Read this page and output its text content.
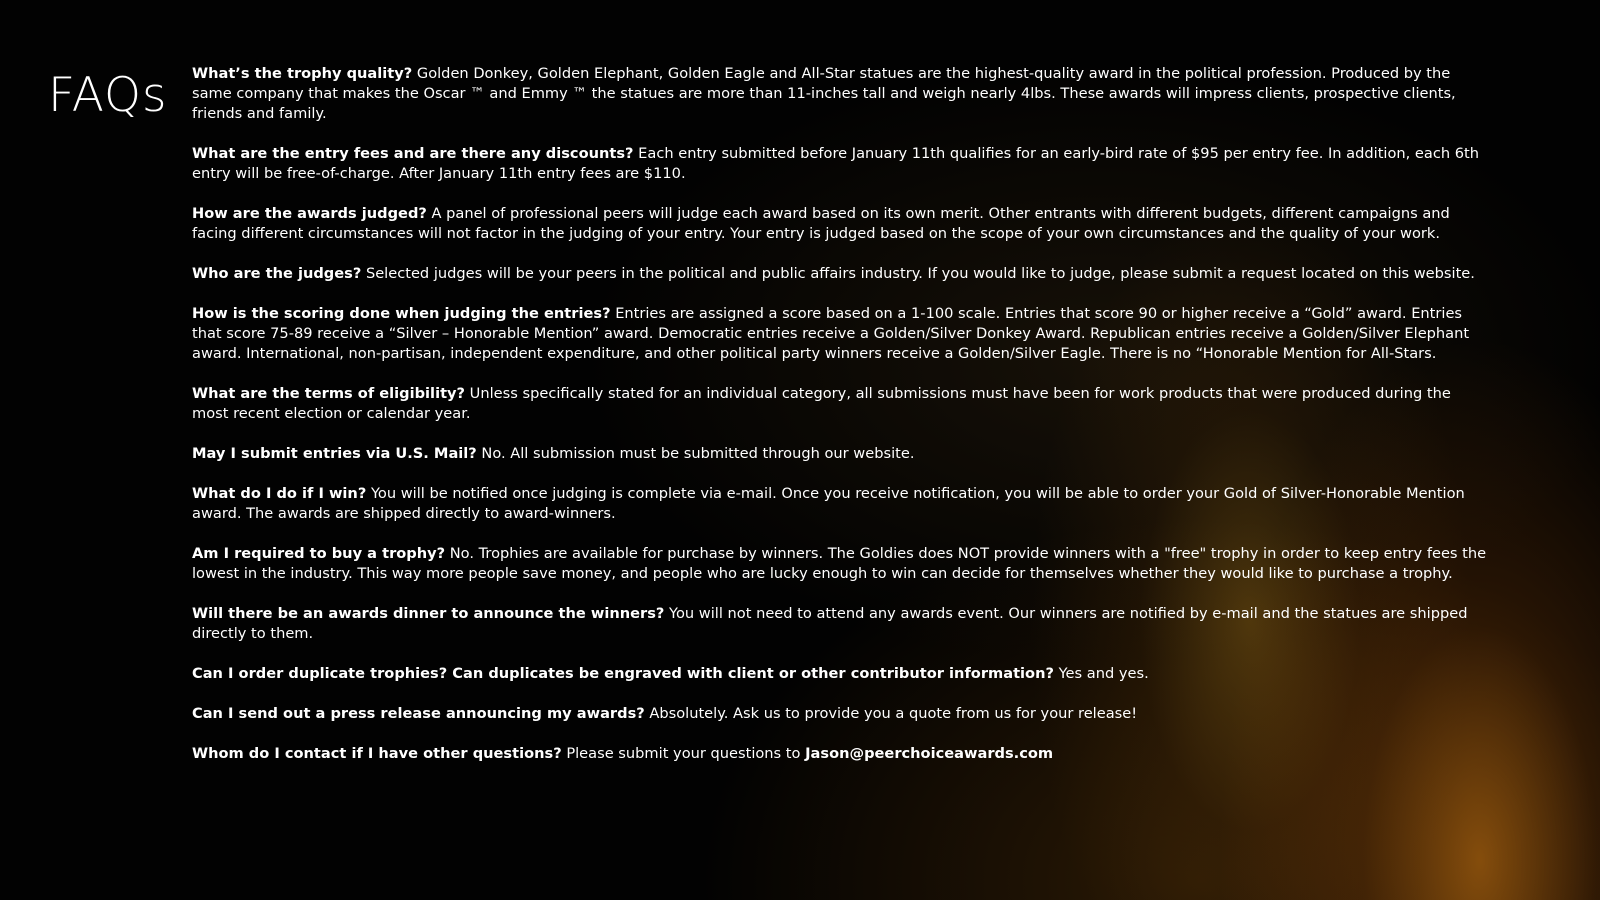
FAQs What’s the trophy quality? Golden Donkey, Golden Elephant, Golden Eagle and All-Star statues are the highest-quality award in the political profession. Produced by the same company that makes the Oscar ™ and Emmy ™ the statues are more than 11-inches tall and weigh nearly 4lbs. These awards will impress clients, prospective clients, friends and family.

What are the entry fees and are there any discounts? Each entry submitted before January 11th qualifies for an early-bird rate of $95 per entry fee. In addition, each 6th entry will be free-of-charge. After January 11th entry fees are $110.

How are the awards judged? A panel of professional peers will judge each award based on its own merit. Other entrants with different budgets, different campaigns and facing different circumstances will not factor in the judging of your entry. Your entry is judged based on the scope of your own circumstances and the quality of your work.

Who are the judges? Selected judges will be your peers in the political and public affairs industry. If you would like to judge, please submit a request located on this website.

How is the scoring done when judging the entries? Entries are assigned a score based on a 1-100 scale. Entries that score 90 or higher receive a “Gold” award. Entries that score 75-89 receive a “Silver – Honorable Mention” award. Democratic entries receive a Golden/Silver Donkey Award. Republican entries receive a Golden/Silver Elephant award. International, non-partisan, independent expenditure, and other political party winners receive a Golden/Silver Eagle. There is no “Honorable Mention for All-Stars.

What are the terms of eligibility? Unless specifically stated for an individual category, all submissions must have been for work products that were produced during the most recent election or calendar year.

May I submit entries via U.S. Mail? No. All submission must be submitted through our website.

What do I do if I win? You will be notified once judging is complete via e-mail. Once you receive notification, you will be able to order your Gold of Silver-Honorable Mention award. The awards are shipped directly to award-winners.

Am I required to buy a trophy? No. Trophies are available for purchase by winners. The Goldies does NOT provide winners with a "free" trophy in order to keep entry fees the lowest in the industry. This way more people save money, and people who are lucky enough to win can decide for themselves whether they would like to purchase a trophy.

Will there be an awards dinner to announce the winners? You will not need to attend any awards event. Our winners are notified by e-mail and the statues are shipped directly to them.

Can I order duplicate trophies? Can duplicates be engraved with client or other contributor information? Yes and yes.

Can I send out a press release announcing my awards? Absolutely. Ask us to provide you a quote from us for your release!

Whom do I contact if I have other questions? Please submit your questions to Jason@peerchoiceawards.com
